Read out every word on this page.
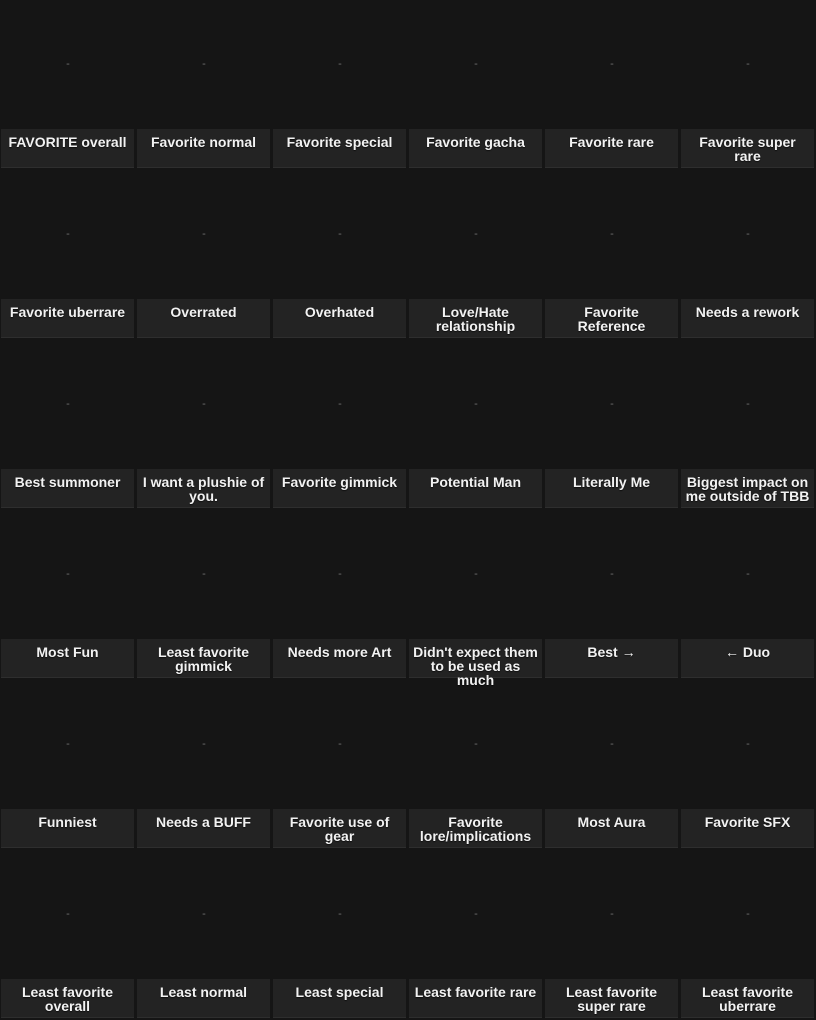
-
FAVORITE overall
-
Favorite normal
-
Favorite special
-
Favorite gacha
-
Favorite rare
-
Favorite super rare
-
Favorite uberrare
-
Overrated
-
Overhated
-
Love/Hate relationship
-
Favorite Reference
-
Needs a rework
-
Best summoner
-
I want a plushie of you.
-
Favorite gimmick
-
Potential Man
-
Literally Me
-
Biggest impact on me outside of TBB
-
Most Fun
-
Least favorite gimmick
-
Needs more Art
-
Didn't expect them to be used as much
-
Best →
-
← Duo
-
Funniest
-
Needs a BUFF
-
Favorite use of gear
-
Favorite lore/implications
-
Most Aura
-
Favorite SFX
-
Least favorite overall
-
Least normal
-
Least special
-
Least favorite rare
-
Least favorite super rare
-
Least favorite uberrare
